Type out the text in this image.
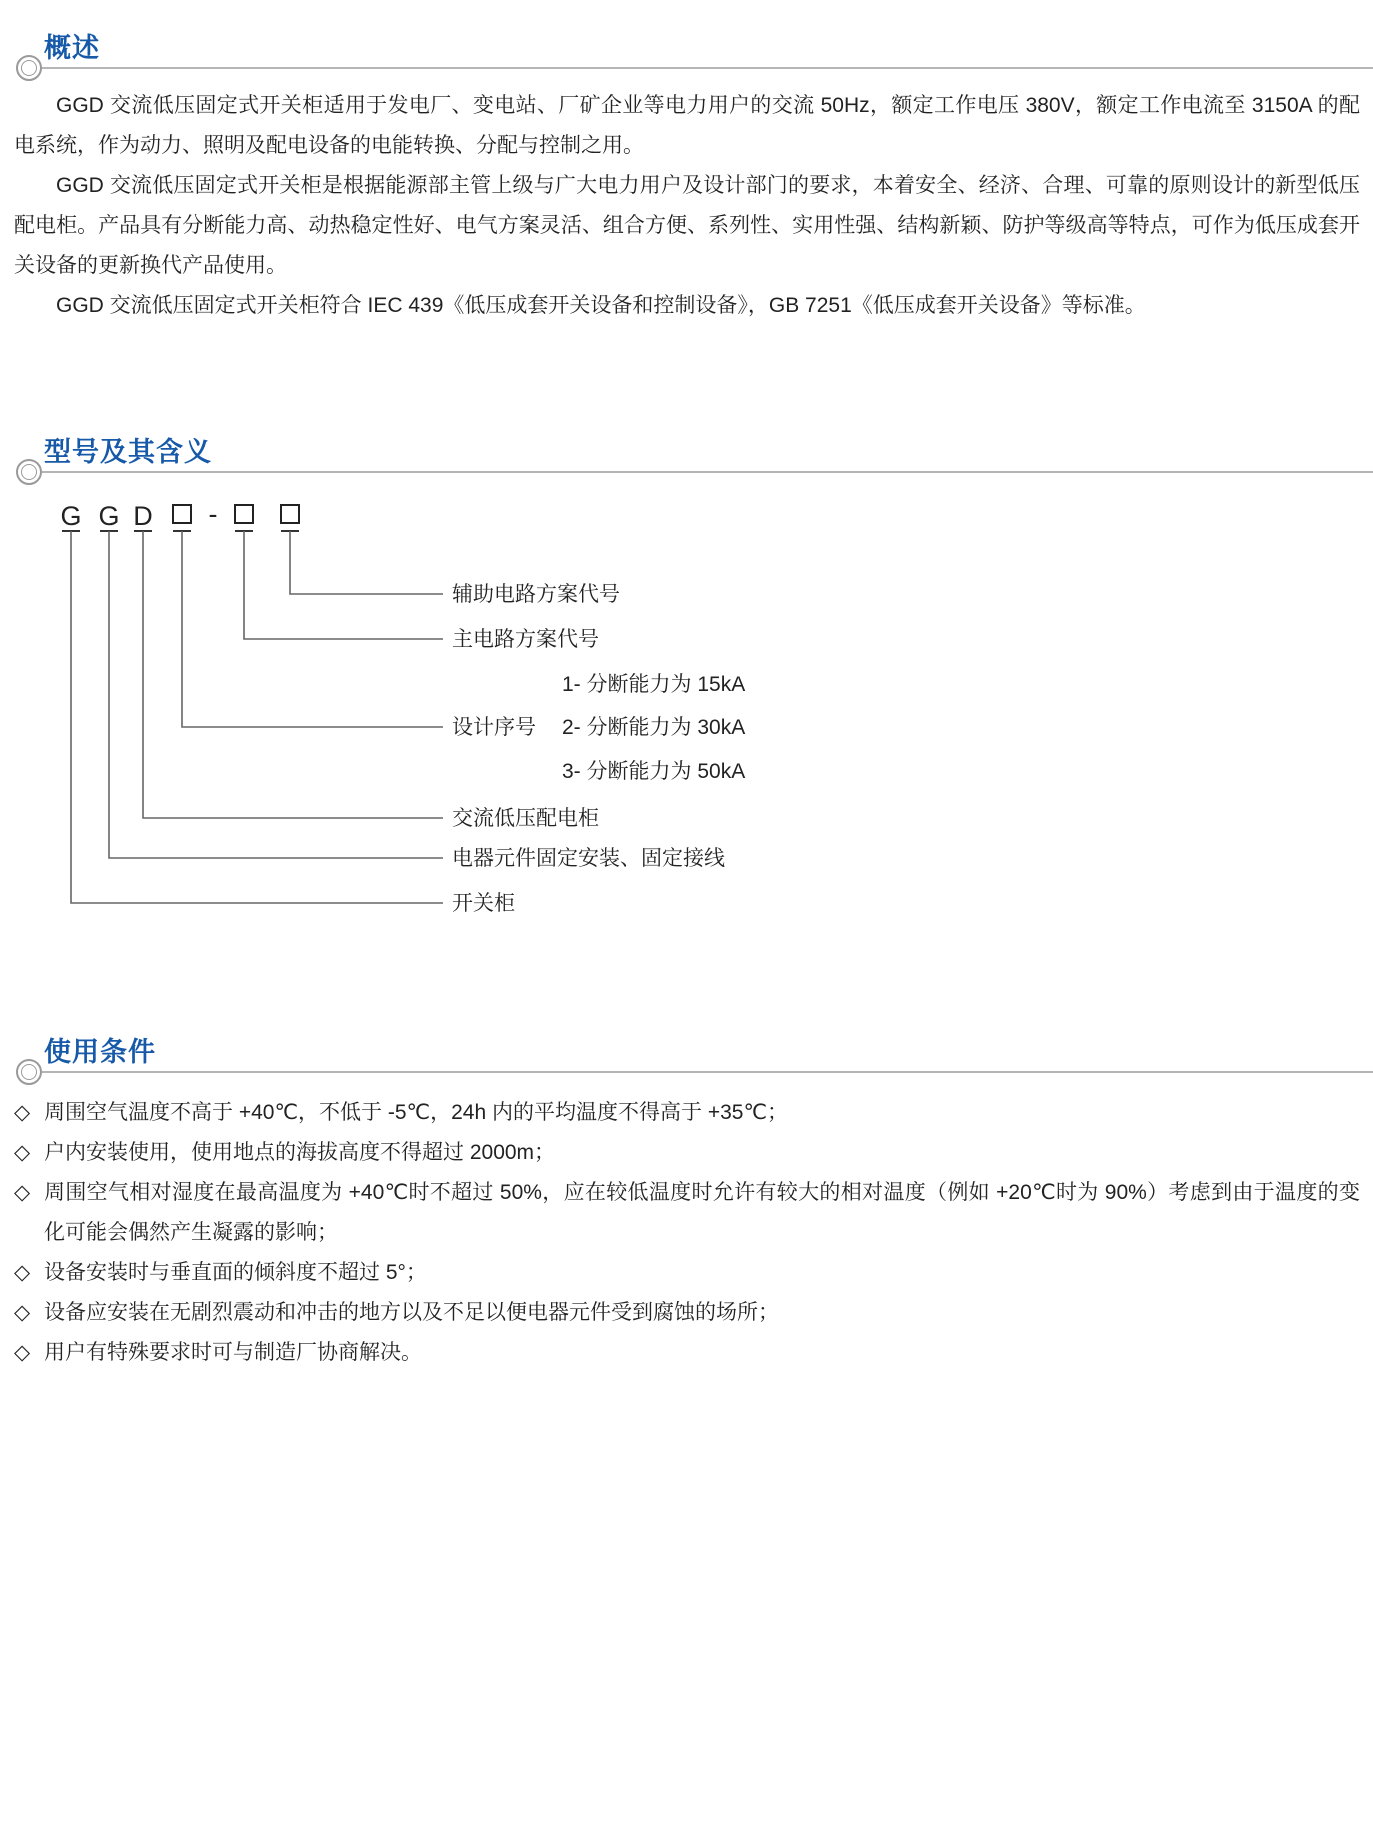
概述

GGD 交流低压固定式开关柜适用于发电厂、变电站、厂矿企业等电力用户的交流 50Hz，额定工作电压 380V，额定工作电流至 3150A 的配电系统，作为动力、照明及配电设备的电能转换、分配与控制之用。

GGD 交流低压固定式开关柜是根据能源部主管上级与广大电力用户及设计部门的要求，本着安全、经济、合理、可靠的原则设计的新型低压配电柜。产品具有分断能力高、动热稳定性好、电气方案灵活、组合方便、系列性、实用性强、结构新颖、防护等级高等特点，可作为低压成套开关设备的更新换代产品使用。

GGD 交流低压固定式开关柜符合 IEC 439《低压成套开关设备和控制设备》，GB 7251《低压成套开关设备》等标准。

型号及其含义
G G D -
辅助电路方案代号
主电路方案代号
1- 分断能力为 15kA
设计序号 2- 分断能力为 30kA
3- 分断能力为 50kA
交流低压配电柜
电器元件固定安装、固定接线
开关柜
使用条件
◇ 周围空气温度不高于 +40℃，不低于 -5℃，24h 内的平均温度不得高于 +35℃；
◇ 户内安装使用，使用地点的海拔高度不得超过 2000m；
◇ 周围空气相对湿度在最高温度为 +40℃时不超过 50%，应在较低温度时允许有较大的相对温度（例如 +20℃时为 90%）考虑到由于温度的变化可能会偶然产生凝露的影响；
◇ 设备安装时与垂直面的倾斜度不超过 5°；
◇ 设备应安装在无剧烈震动和冲击的地方以及不足以便电器元件受到腐蚀的场所；
◇ 用户有特殊要求时可与制造厂协商解决。
